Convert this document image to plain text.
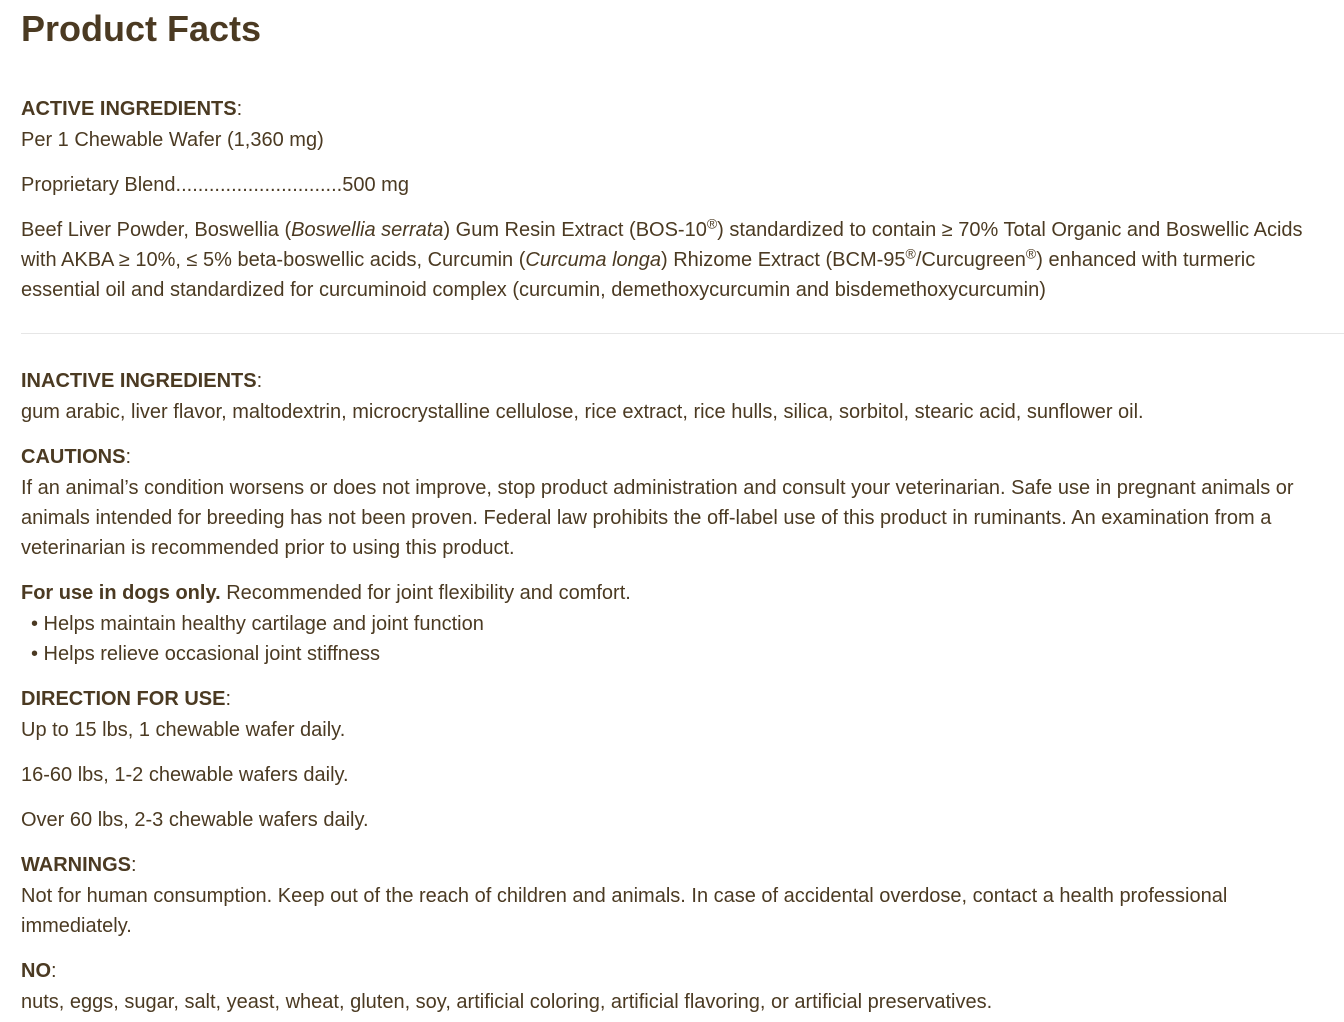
Product Facts

ACTIVE INGREDIENTS:

Per 1 Chewable Wafer (1,360 mg)

Proprietary Blend..............................500 mg

Beef Liver Powder, Boswellia (Boswellia serrata) Gum Resin Extract (BOS-10®) standardized to contain ≥ 70% Total Organic and Boswellic Acids with AKBA ≥ 10%, ≤ 5% beta-boswellic acids, Curcumin (Curcuma longa) Rhizome Extract (BCM-95®/Curcugreen®) enhanced with turmeric essential oil and standardized for curcuminoid complex (curcumin, demethoxycurcumin and bisdemethoxycurcumin)

INACTIVE INGREDIENTS:

gum arabic, liver flavor, maltodextrin, microcrystalline cellulose, rice extract, rice hulls, silica, sorbitol, stearic acid, sunflower oil.

CAUTIONS:

If an animal’s condition worsens or does not improve, stop product administration and consult your veterinarian. Safe use in pregnant animals or animals intended for breeding has not been proven. Federal law prohibits the off-label use of this product in ruminants. An examination from a veterinarian is recommended prior to using this product.

For use in dogs only. Recommended for joint flexibility and comfort.

• Helps maintain healthy cartilage and joint function

• Helps relieve occasional joint stiffness

DIRECTION FOR USE:

Up to 15 lbs, 1 chewable wafer daily.

16-60 lbs, 1-2 chewable wafers daily.

Over 60 lbs, 2-3 chewable wafers daily.

WARNINGS:

Not for human consumption. Keep out of the reach of children and animals. In case of accidental overdose, contact a health professional immediately.

NO:

nuts, eggs, sugar, salt, yeast, wheat, gluten, soy, artificial coloring, artificial flavoring, or artificial preservatives.
